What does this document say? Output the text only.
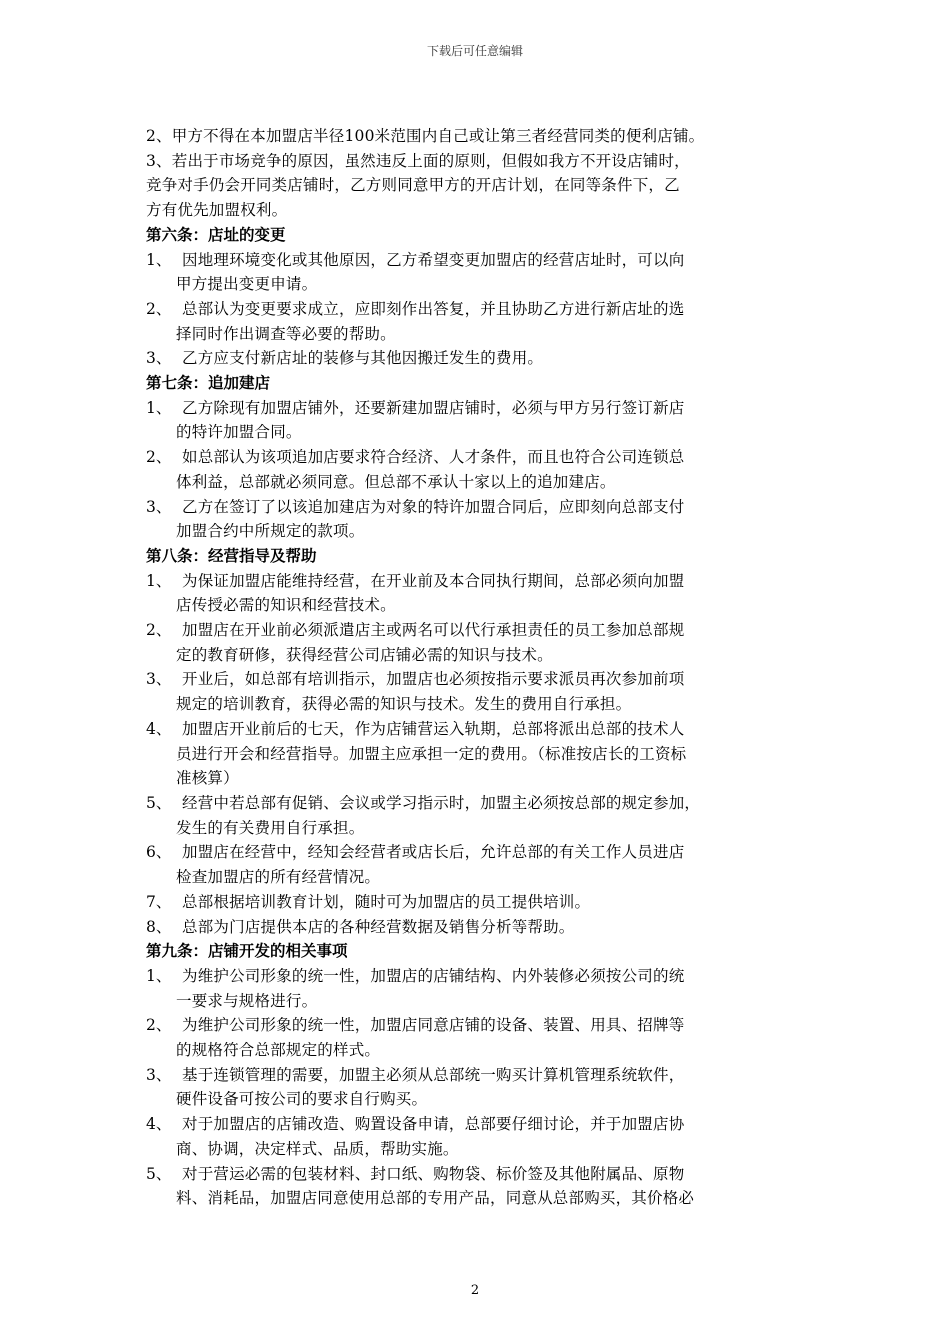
下载后可任意编辑
2、甲方不得在本加盟店半径100米范围内自己或让第三者经营同类的便利店铺。
3、若出于市场竞争的原因，虽然违反上面的原则，但假如我方不开设店铺时，
竞争对手仍会开同类店铺时，乙方则同意甲方的开店计划，在同等条件下，乙
方有优先加盟权利。
第六条：店址的变更
1、 因地理环境变化或其他原因，乙方希望变更加盟店的经营店址时，可以向
甲方提出变更申请。
2、 总部认为变更要求成立，应即刻作出答复，并且协助乙方进行新店址的选
择同时作出调查等必要的帮助。
3、 乙方应支付新店址的装修与其他因搬迁发生的费用。
第七条：追加建店
1、 乙方除现有加盟店铺外，还要新建加盟店铺时，必须与甲方另行签订新店
的特许加盟合同。
2、 如总部认为该项追加店要求符合经济、人才条件，而且也符合公司连锁总
体利益，总部就必须同意。但总部不承认十家以上的追加建店。
3、 乙方在签订了以该追加建店为对象的特许加盟合同后，应即刻向总部支付
加盟合约中所规定的款项。
第八条：经营指导及帮助
1、 为保证加盟店能维持经营，在开业前及本合同执行期间，总部必须向加盟
店传授必需的知识和经营技术。
2、 加盟店在开业前必须派遣店主或两名可以代行承担责任的员工参加总部规
定的教育研修，获得经营公司店铺必需的知识与技术。
3、 开业后，如总部有培训指示，加盟店也必须按指示要求派员再次参加前项
规定的培训教育，获得必需的知识与技术。发生的费用自行承担。
4、 加盟店开业前后的七天，作为店铺营运入轨期，总部将派出总部的技术人
员进行开会和经营指导。加盟主应承担一定的费用。（标准按店长的工资标
准核算）
5、 经营中若总部有促销、会议或学习指示时，加盟主必须按总部的规定参加，
发生的有关费用自行承担。
6、 加盟店在经营中，经知会经营者或店长后，允许总部的有关工作人员进店
检查加盟店的所有经营情况。
7、 总部根据培训教育计划，随时可为加盟店的员工提供培训。
8、 总部为门店提供本店的各种经营数据及销售分析等帮助。
第九条：店铺开发的相关事项
1、 为维护公司形象的统一性，加盟店的店铺结构、内外装修必须按公司的统
一要求与规格进行。
2、 为维护公司形象的统一性，加盟店同意店铺的设备、装置、用具、招牌等
的规格符合总部规定的样式。
3、 基于连锁管理的需要，加盟主必须从总部统一购买计算机管理系统软件，
硬件设备可按公司的要求自行购买。
4、 对于加盟店的店铺改造、购置设备申请，总部要仔细讨论，并于加盟店协
商、协调，决定样式、品质，帮助实施。
5、 对于营运必需的包装材料、封口纸、购物袋、标价签及其他附属品、原物
料、消耗品，加盟店同意使用总部的专用产品，同意从总部购买，其价格必
2
